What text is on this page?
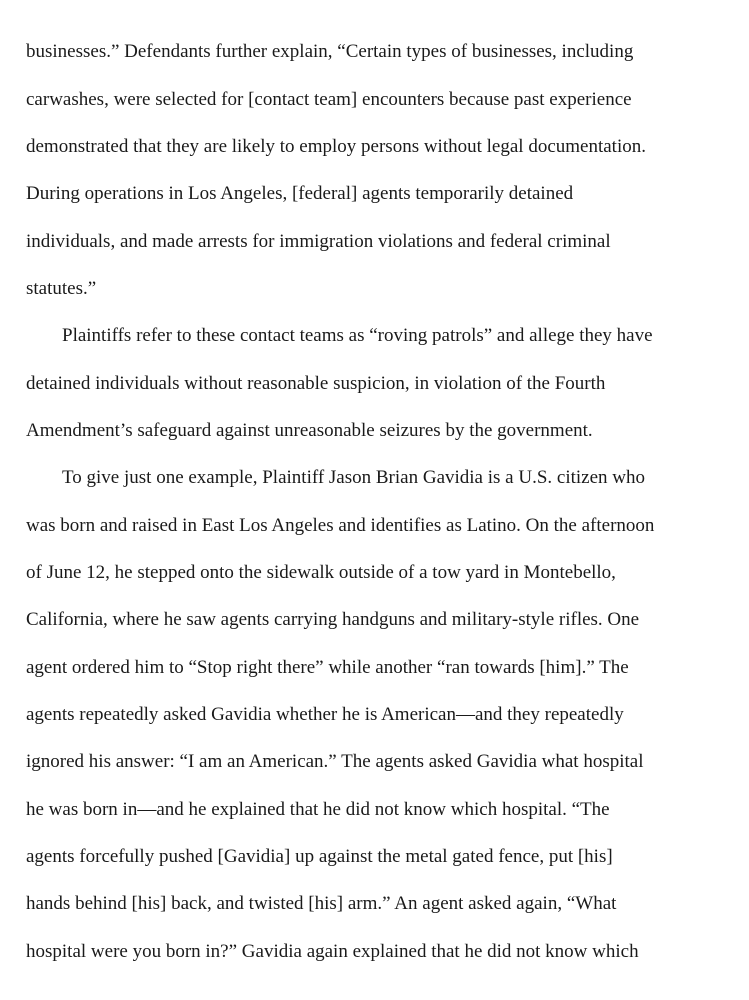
businesses.” Defendants further explain, “Certain types of businesses, including
carwashes, were selected for [contact team] encounters because past experience
demonstrated that they are likely to employ persons without legal documentation.
During operations in Los Angeles, [federal] agents temporarily detained
individuals, and made arrests for immigration violations and federal criminal
statutes.”
Plaintiffs refer to these contact teams as “roving patrols” and allege they have
detained individuals without reasonable suspicion, in violation of the Fourth
Amendment’s safeguard against unreasonable seizures by the government.
To give just one example, Plaintiff Jason Brian Gavidia is a U.S. citizen who
was born and raised in East Los Angeles and identifies as Latino. On the afternoon
of June 12, he stepped onto the sidewalk outside of a tow yard in Montebello,
California, where he saw agents carrying handguns and military-style rifles. One
agent ordered him to “Stop right there” while another “ran towards [him].” The
agents repeatedly asked Gavidia whether he is American—and they repeatedly
ignored his answer: “I am an American.” The agents asked Gavidia what hospital
he was born in—and he explained that he did not know which hospital. “The
agents forcefully pushed [Gavidia] up against the metal gated fence, put [his]
hands behind [his] back, and twisted [his] arm.” An agent asked again, “What
hospital were you born in?” Gavidia again explained that he did not know which
